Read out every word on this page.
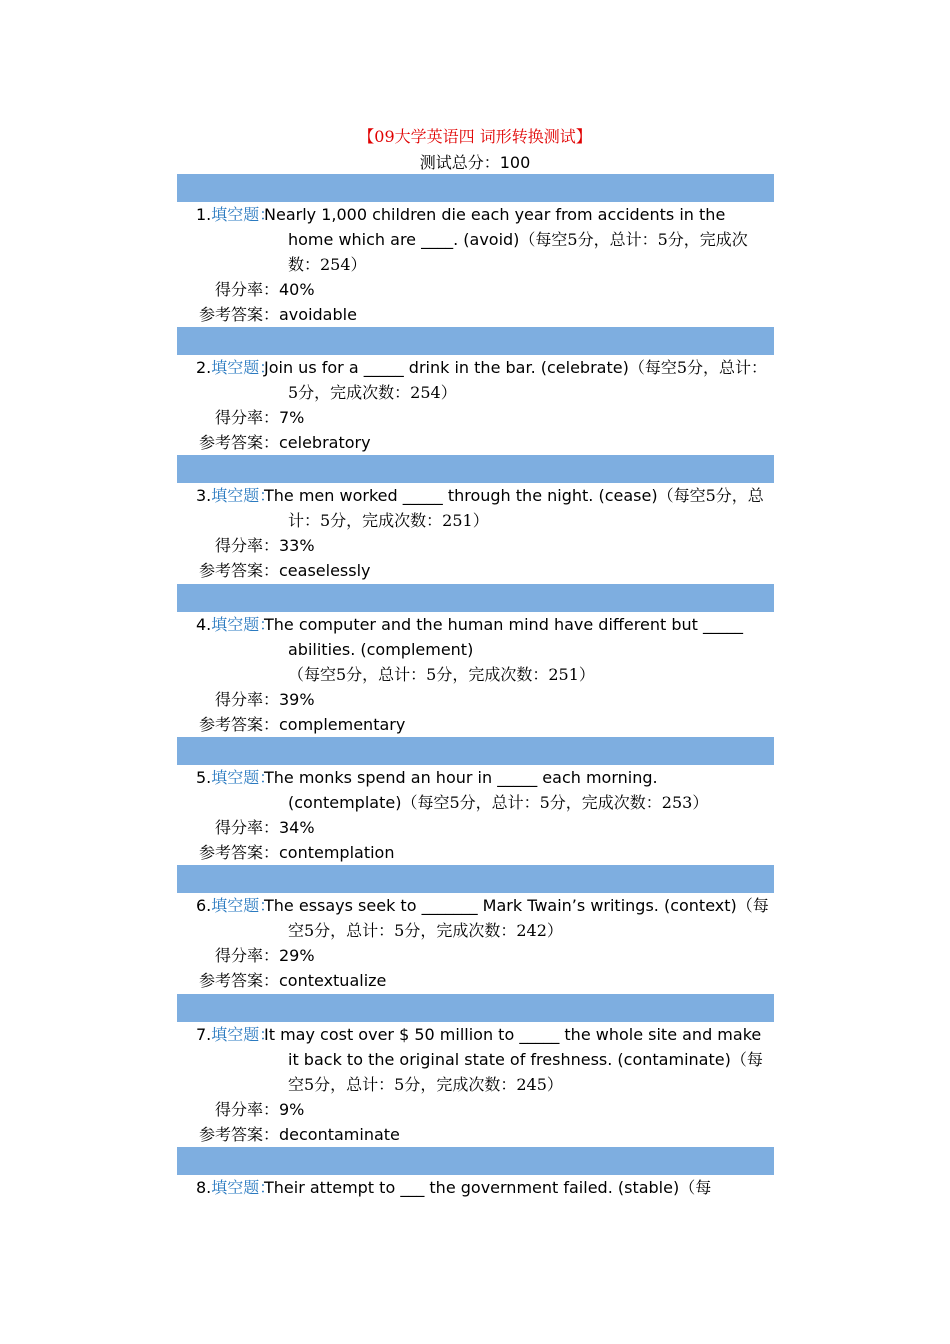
【09大学英语四 词形转换测试】
测试总分：100
1.填空题：
Nearly 1,000 children die each year from accidents in the home which are ____. (avoid)（每空5分，总计：5分，完成次数：254）
得分率：40%
参考答案：avoidable
2.填空题：
Join us for a _____ drink in the bar. (celebrate)（每空5分，总计：5分，完成次数：254）
得分率：7%
参考答案：celebratory
3.填空题：
The men worked _____ through the night. (cease)（每空5分，总计：5分，完成次数：251）
得分率：33%
参考答案：ceaselessly
4.填空题：
The computer and the human mind have different but _____ abilities. (complement)（每空5分，总计：5分，完成次数：251）
得分率：39%
参考答案：complementary
5.填空题：
The monks spend an hour in _____ each morning. (contemplate)（每空5分，总计：5分，完成次数：253）
得分率：34%
参考答案：contemplation
6.填空题：
The essays seek to _______ Mark Twain’s writings. (context)（每空5分，总计：5分，完成次数：242）
得分率：29%
参考答案：contextualize
7.填空题：
It may cost over $ 50 million to _____ the whole site and make it back to the original state of freshness. (contaminate)（每空5分，总计：5分，完成次数：245）
得分率：9%
参考答案：decontaminate
8.填空题：
Their attempt to ___ the government failed. (stable)（每
